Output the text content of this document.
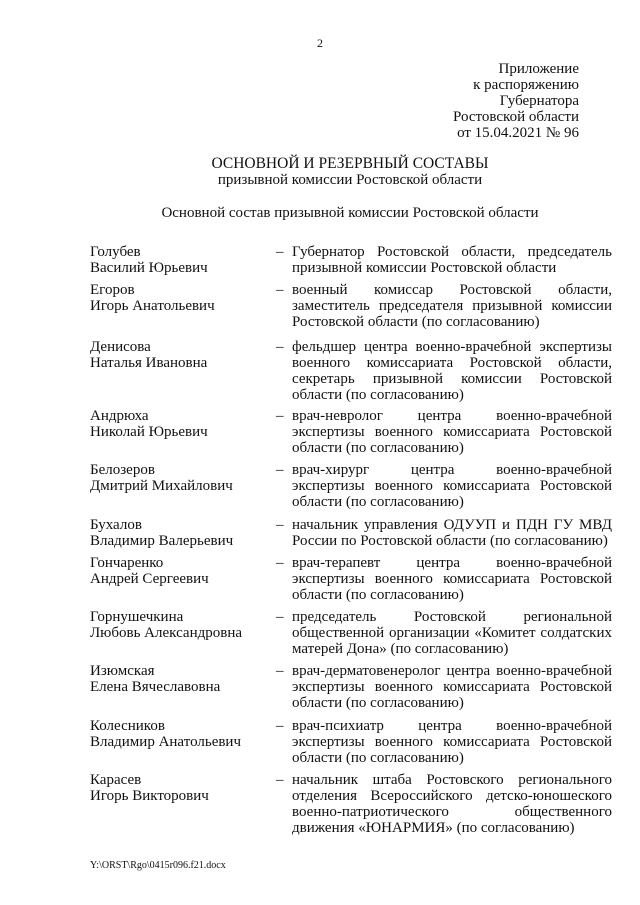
2
Приложение
к распоряжению
Губернатора
Ростовской области
от 15.04.2021 № 96
ОСНОВНОЙ И РЕЗЕРВНЫЙ СОСТАВЫ
призывной комиссии Ростовской области
Основной состав призывной комиссии Ростовской области
Голубев
Василий Юрьевич
– Губернатор Ростовской области, председатель призывной комиссии Ростовской области
Егоров
Игорь Анатольевич
– военный комиссар Ростовской области, заместитель председателя призывной комиссии Ростовской области (по согласованию)
Денисова
Наталья Ивановна
– фельдшер центра военно-врачебной экспертизы военного комиссариата Ростовской области, секретарь призывной комиссии Ростовской области (по согласованию)
Андрюха
Николай Юрьевич
– врач-невролог центра военно-врачебной экспертизы военного комиссариата Ростовской области (по согласованию)
Белозеров
Дмитрий Михайлович
– врач-хирург центра военно-врачебной экспертизы военного комиссариата Ростовской области (по согласованию)
Бухалов
Владимир Валерьевич
– начальник управления ОДУУП и ПДН ГУ МВД России по Ростовской области (по согласованию)
Гончаренко
Андрей Сергеевич
– врач-терапевт центра военно-врачебной экспертизы военного комиссариата Ростовской области (по согласованию)
Горнушечкина
Любовь Александровна
– председатель Ростовской региональной общественной организации «Комитет солдатских матерей Дона» (по согласованию)
Изюмская
Елена Вячеславовна
– врач-дерматовенеролог центра военно-врачебной экспертизы военного комиссариата Ростовской области (по согласованию)
Колесников
Владимир Анатольевич
– врач-психиатр центра военно-врачебной экспертизы военного комиссариата Ростовской области (по согласованию)
Карасев
Игорь Викторович
– начальник штаба Ростовского регионального отделения Всероссийского детско-юношеского военно-патриотического общественного движения «ЮНАРМИЯ» (по согласованию)
Y:\ORST\Rgo\0415r096.f21.docx
